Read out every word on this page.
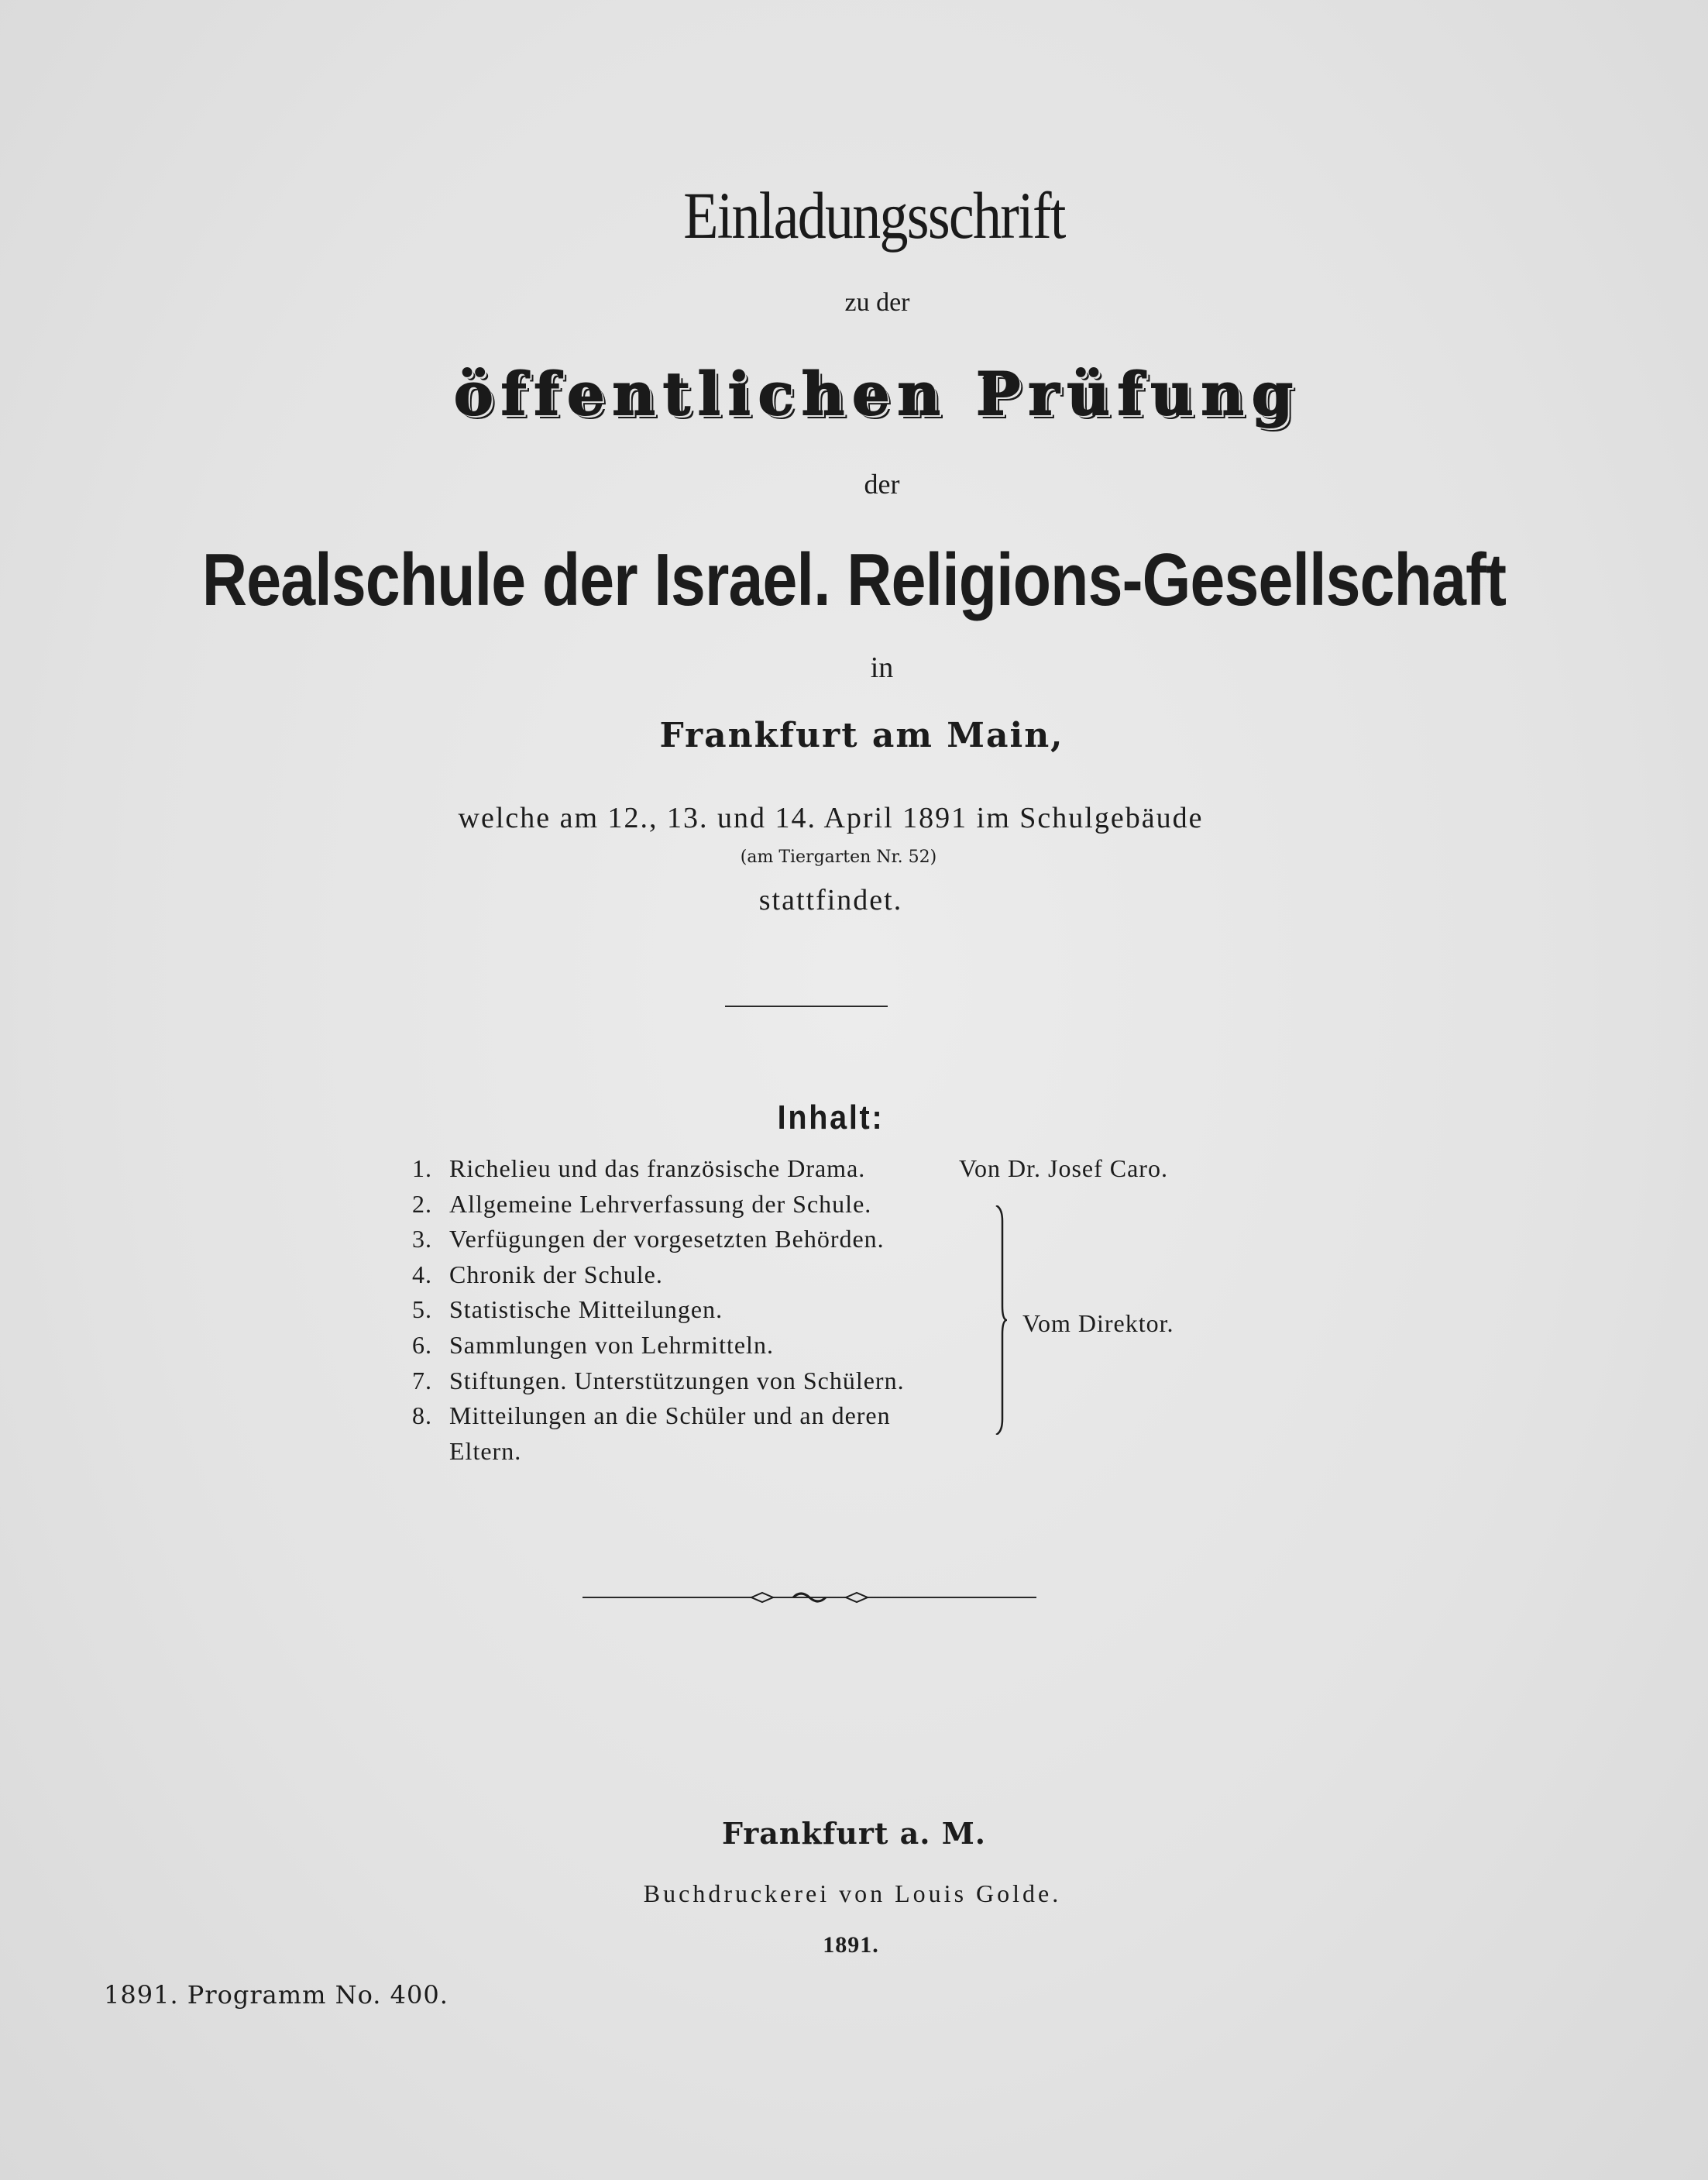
Einladungsschrift
zu der
öffentlichen Prüfung
der
Realschule der Israel. Religions-Gesellschaft
in
Frankfurt am Main,
welche am 12., 13. und 14. April 1891 im Schulgebäude
(am Tiergarten Nr. 52)
stattfindet.
Inhalt:
1. Richelieu und das französische Drama.	Von Dr. Josef Caro.
2. Allgemeine Lehrverfassung der Schule.
3. Verfügungen der vorgesetzten Behörden.
4. Chronik der Schule.
5. Statistische Mitteilungen.
6. Sammlungen von Lehrmitteln.
7. Stiftungen. Unterstützungen von Schülern.
8. Mitteilungen an die Schüler und an deren
Eltern.
Vom Direktor.
Frankfurt a. M.
Buchdruckerei von Louis Golde.
1891.
1891. Programm No. 400.
